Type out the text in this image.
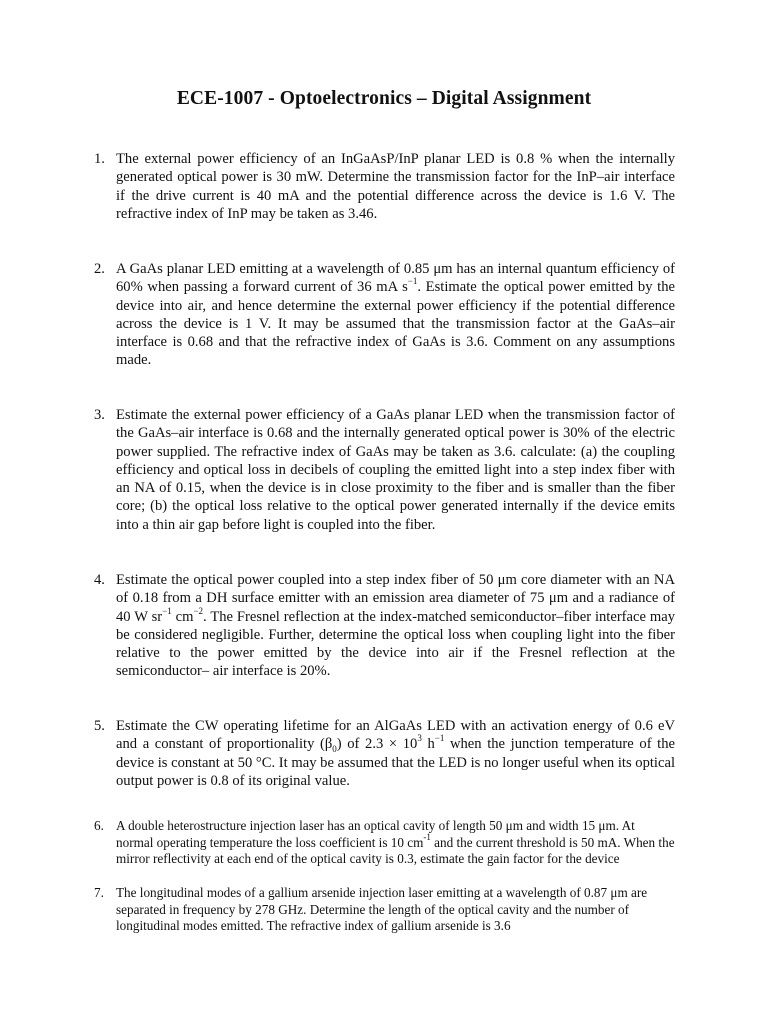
ECE-1007 - Optoelectronics – Digital Assignment
1. The external power efficiency of an InGaAsP/InP planar LED is 0.8 % when the internally generated optical power is 30 mW. Determine the transmission factor for the InP–air interface if the drive current is 40 mA and the potential difference across the device is 1.6 V. The refractive index of InP may be taken as 3.46.
2. A GaAs planar LED emitting at a wavelength of 0.85 μm has an internal quantum efficiency of 60% when passing a forward current of 36 mA $s^{-1}$. Estimate the optical power emitted by the device into air, and hence determine the external power efficiency if the potential difference across the device is 1 V. It may be assumed that the transmission factor at the GaAs–air interface is 0.68 and that the refractive index of GaAs is 3.6. Comment on any assumptions made.
3. Estimate the external power efficiency of a GaAs planar LED when the transmission factor of the GaAs–air interface is 0.68 and the internally generated optical power is 30% of the electric power supplied. The refractive index of GaAs may be taken as 3.6. calculate: (a) the coupling efficiency and optical loss in decibels of coupling the emitted light into a step index fiber with an NA of 0.15, when the device is in close proximity to the fiber and is smaller than the fiber core; (b) the optical loss relative to the optical power generated internally if the device emits into a thin air gap before light is coupled into the fiber.
4. Estimate the optical power coupled into a step index fiber of 50 μm core diameter with an NA of 0.18 from a DH surface emitter with an emission area diameter of 75 μm and a radiance of 40 W $sr^{-1}$ $cm^{-2}$. The Fresnel reflection at the index-matched semiconductor–fiber interface may be considered negligible. Further, determine the optical loss when coupling light into the fiber relative to the power emitted by the device into air if the Fresnel reflection at the semiconductor– air interface is 20%.
5. Estimate the CW operating lifetime for an AlGaAs LED with an activation energy of 0.6 eV and a constant of proportionality $(\beta_0)$ of $2.3 \times 10^3$ $h^{-1}$ when the junction temperature of the device is constant at 50 °C. It may be assumed that the LED is no longer useful when its optical output power is 0.8 of its original value.
6. A double heterostructure injection laser has an optical cavity of length 50 μm and width 15 μm. At normal operating temperature the loss coefficient is 10 $cm^{-1}$ and the current threshold is 50 mA. When the mirror reflectivity at each end of the optical cavity is 0.3, estimate the gain factor for the device
7. The longitudinal modes of a gallium arsenide injection laser emitting at a wavelength of 0.87 μm are separated in frequency by 278 GHz. Determine the length of the optical cavity and the number of longitudinal modes emitted. The refractive index of gallium arsenide is 3.6
